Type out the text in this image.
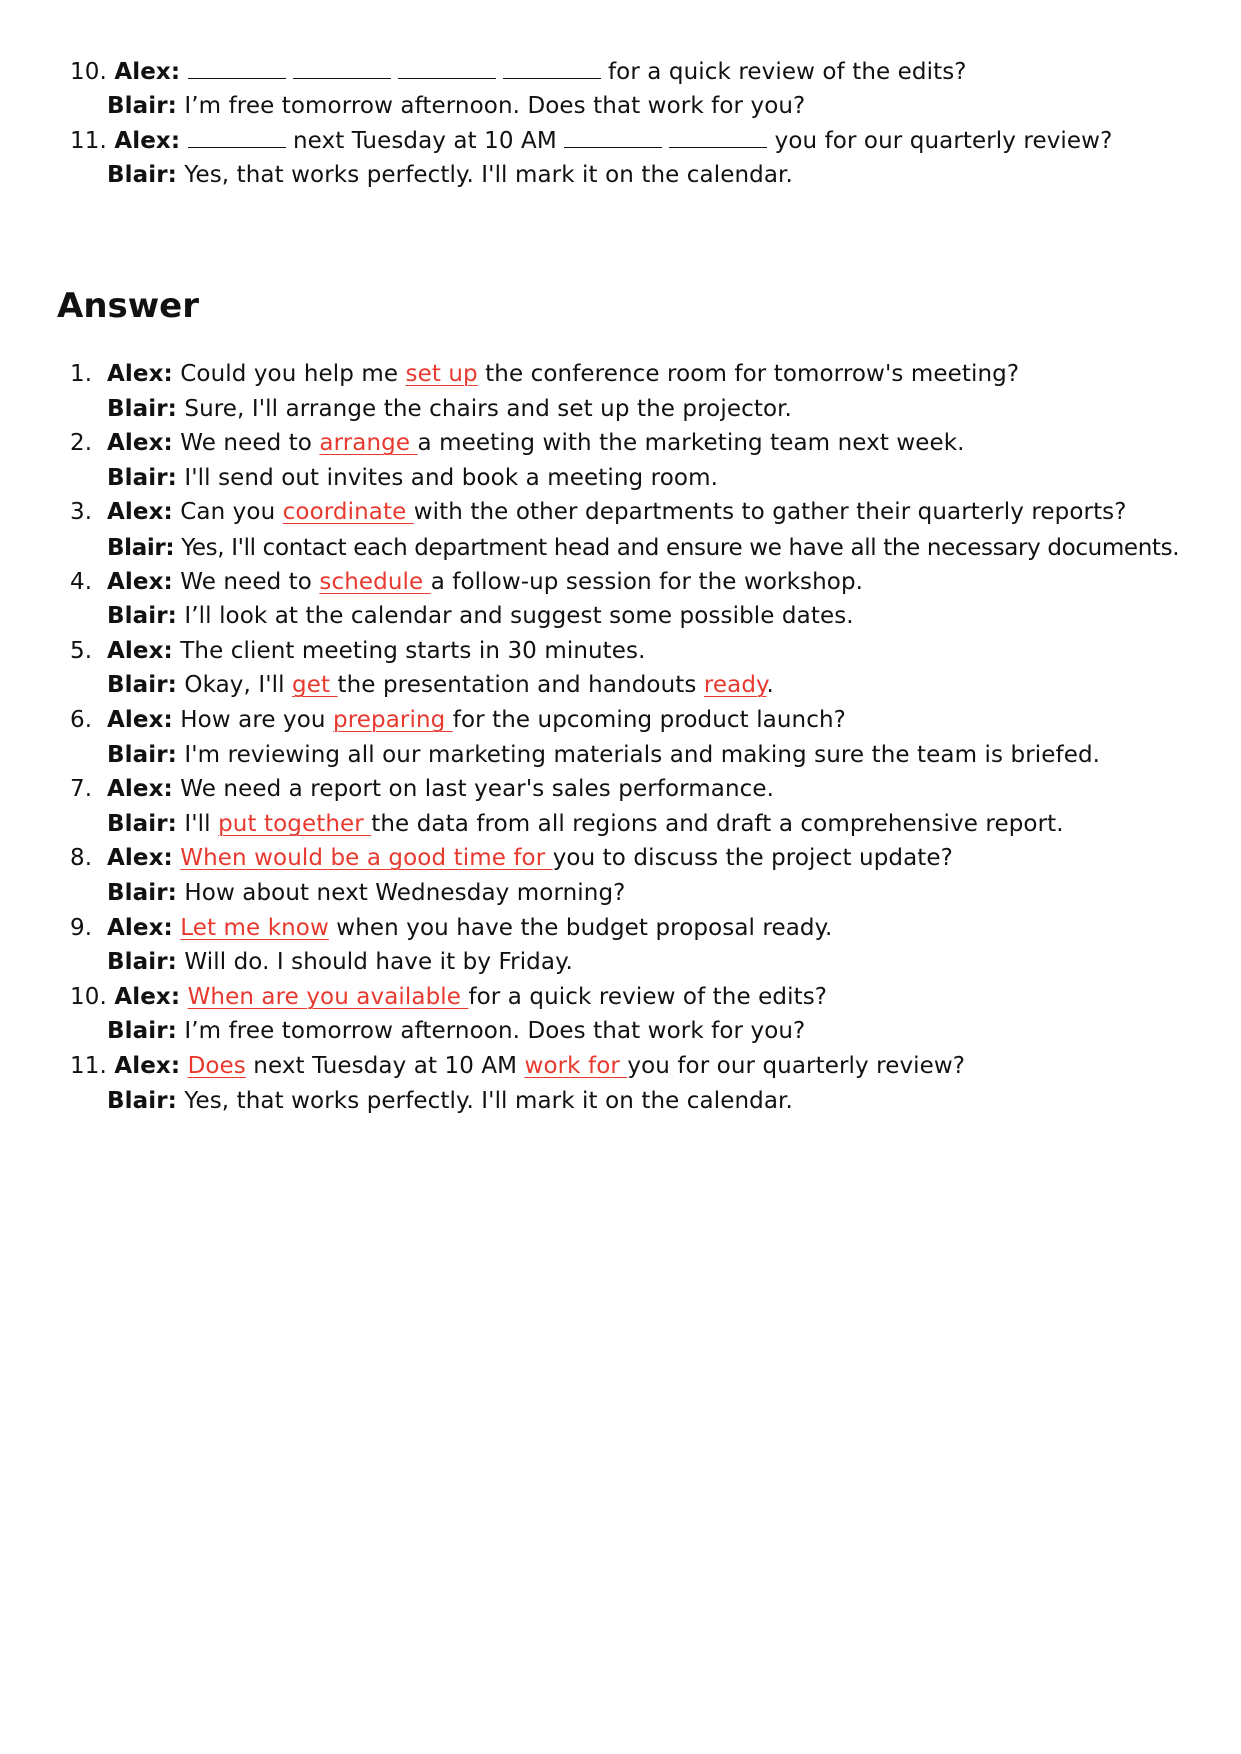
10. Alex:	for a quick review of the edits?
Blair: I’m free tomorrow afternoon. Does that work for you?
11. Alex:	next Tuesday at 10 AM	you for our quarterly review?
Blair: Yes, that works perfectly. I'll mark it on the calendar.
Answer
1. Alex: Could you help me set up the conference room for tomorrow's meeting?
Blair: Sure, I'll arrange the chairs and set up the projector.
2. Alex: We need to arrange a meeting with the marketing team next week.
Blair: I'll send out invites and book a meeting room.
3. Alex: Can you coordinate with the other departments to gather their quarterly reports?
Blair: Yes, I'll contact each department head and ensure we have all the necessary documents.
4. Alex: We need to schedule a follow-up session for the workshop.
Blair: I’ll look at the calendar and suggest some possible dates.
5. Alex: The client meeting starts in 30 minutes.
Blair: Okay, I'll get the presentation and handouts ready.
6. Alex: How are you preparing for the upcoming product launch?
Blair: I'm reviewing all our marketing materials and making sure the team is briefed.
7. Alex: We need a report on last year's sales performance.
Blair: I'll put together the data from all regions and draft a comprehensive report.
8. Alex: When would be a good time for you to discuss the project update?
Blair: How about next Wednesday morning?
9. Alex: Let me know when you have the budget proposal ready.
Blair: Will do. I should have it by Friday.
10. Alex: When are you available for a quick review of the edits?
Blair: I’m free tomorrow afternoon. Does that work for you?
11. Alex: Does next Tuesday at 10 AM work for you for our quarterly review?
Blair: Yes, that works perfectly. I'll mark it on the calendar.
